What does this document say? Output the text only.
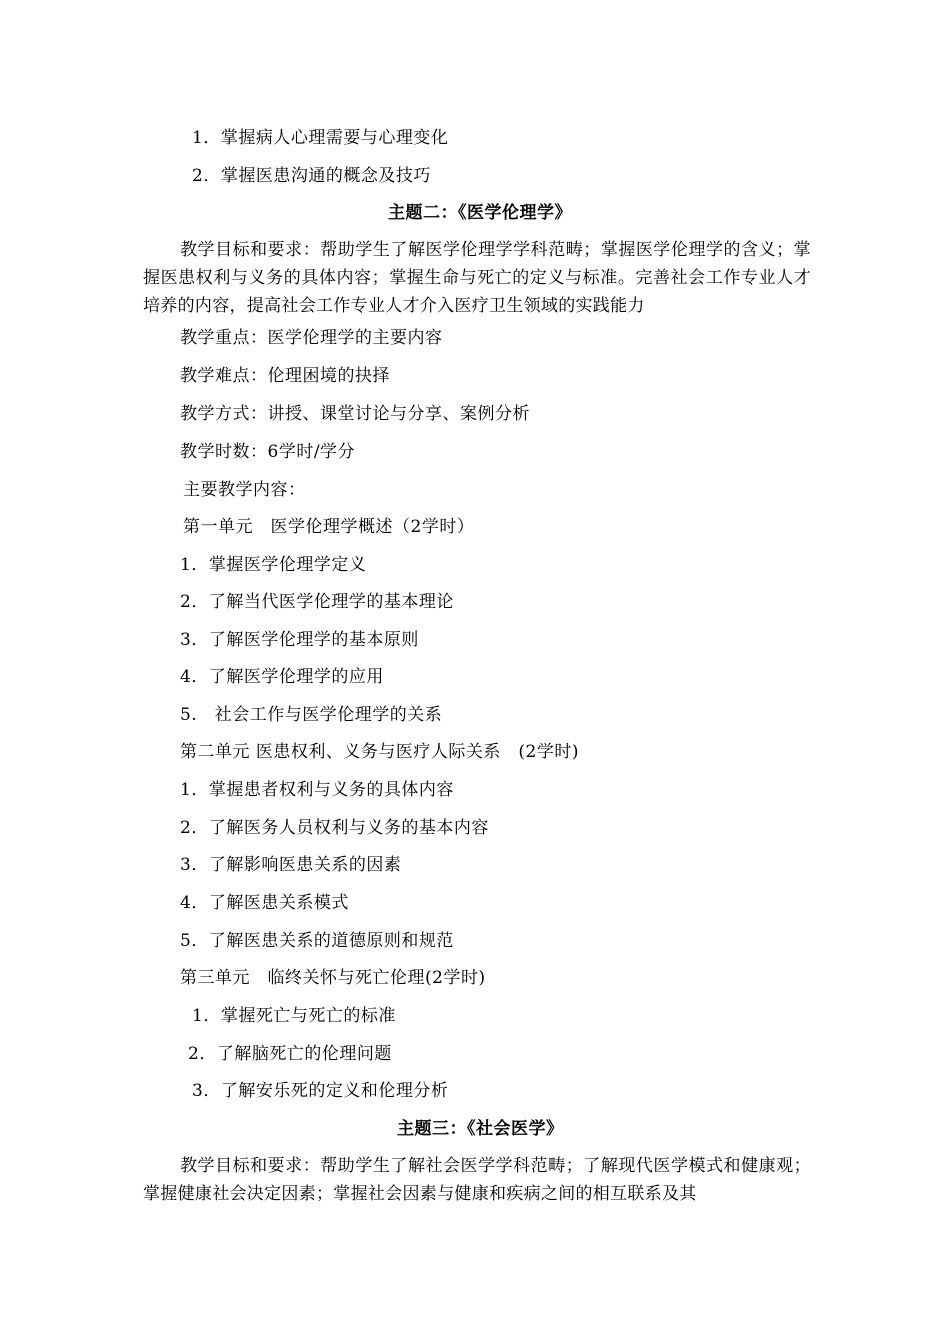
1．掌握病人心理需要与心理变化
2．掌握医患沟通的概念及技巧
主题二：《医学伦理学》
教学目标和要求：帮助学生了解医学伦理学学科范畴；掌握医学伦理学的含义；掌握医患权利与义务的具体内容；掌握生命与死亡的定义与标准。完善社会工作专业人才培养的内容，提高社会工作专业人才介入医疗卫生领域的实践能力
教学重点：医学伦理学的主要内容
教学难点：伦理困境的抉择
教学方式：讲授、课堂讨论与分享、案例分析
教学时数：6学时/学分
主要教学内容：
第一单元　医学伦理学概述（2学时）
1．掌握医学伦理学定义
2．了解当代医学伦理学的基本理论
3．了解医学伦理学的基本原则
4．了解医学伦理学的应用
5.　社会工作与医学伦理学的关系
第二单元 医患权利、义务与医疗人际关系　(2学时)
1．掌握患者权利与义务的具体内容
2．了解医务人员权利与义务的基本内容
3．了解影响医患关系的因素
4．了解医患关系模式
5．了解医患关系的道德原则和规范
第三单元　临终关怀与死亡伦理(2学时)
1．掌握死亡与死亡的标准
2．了解脑死亡的伦理问题
3．了解安乐死的定义和伦理分析
主题三：《社会医学》
教学目标和要求：帮助学生了解社会医学学科范畴；了解现代医学模式和健康观；掌握健康社会决定因素；掌握社会因素与健康和疾病之间的相互联系及其
